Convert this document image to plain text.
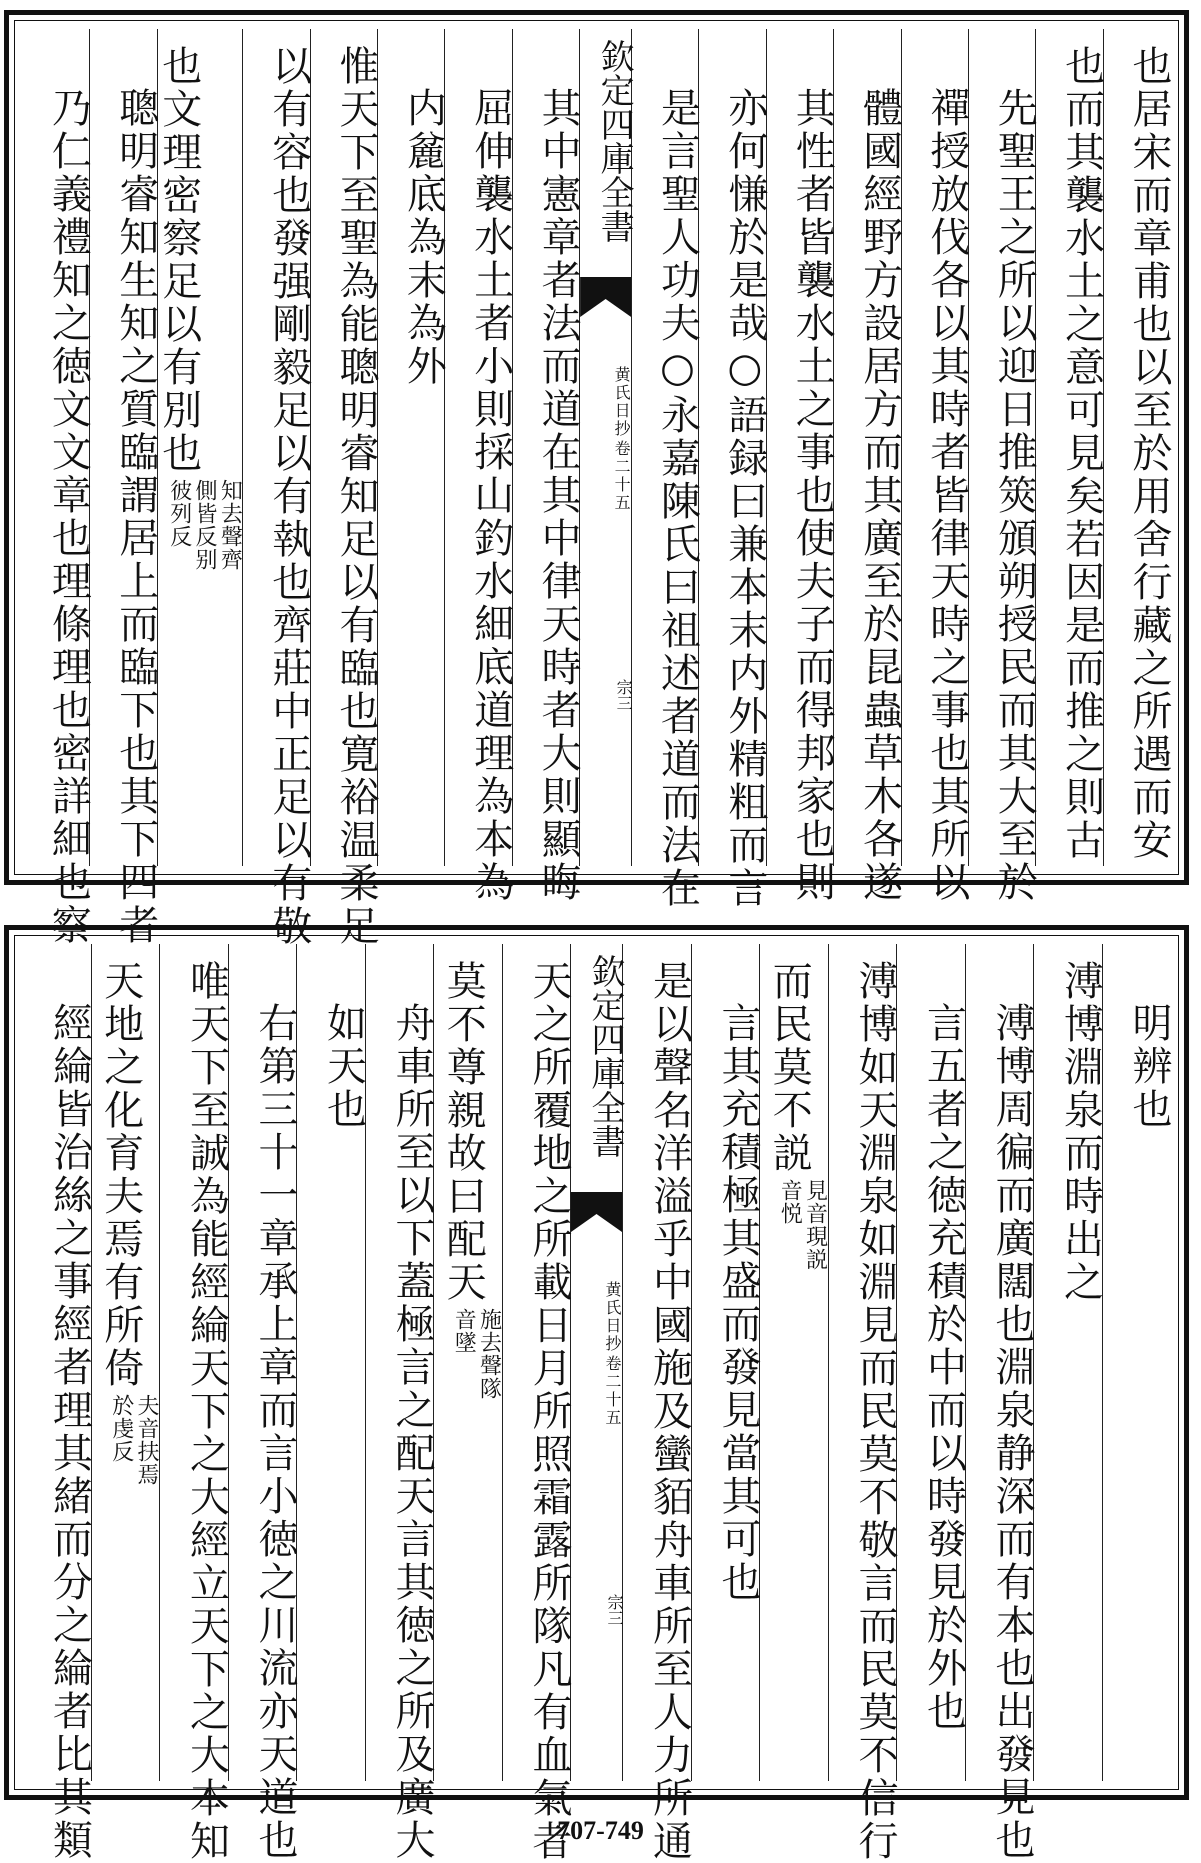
也居宋而章甫也以至於用舍行藏之所遇而安
也而其襲水土之意可見矣若因是而推之則古
先聖王之所以迎日推筴頒朔授民而其大至於
禪授放伐各以其時者皆律天時之事也其所以
體國經野方設居方而其廣至於昆蟲草木各遂
其性者皆襲水土之事也使夫子而得邦家也則
亦何慊於是哉○語録曰兼本末内外精粗而言
是言聖人功夫○永嘉陳氏曰祖述者道而法在
欽定四庫全書
黄氏日抄
卷二十五
宗三
其中憲章者法而道在其中律天時者大則顯晦
屈伸襲水土者小則採山釣水細底道理為本為
内麄底為末為外
惟天下至聖為能聰明睿知足以有臨也寛裕温柔足
以有容也發强剛毅足以有執也齊莊中正足以有敬
也文理密察足以有別也知去聲齊側皆反别彼列反
聰明睿知生知之質臨謂居上而臨下也其下四者
乃仁義禮知之徳文文章也理條理也密詳細也察
明辨也
溥博淵泉而時出之
溥博周徧而廣闊也淵泉静深而有本也出發見也
言五者之徳充積於中而以時發見於外也
溥博如天淵泉如淵見而民莫不敬言而民莫不信行
而民莫不説見音現説音悦
言其充積極其盛而發見當其可也
是以聲名洋溢乎中國施及蠻貊舟車所至人力所通
欽定四庫全書
黄氏日抄
卷二十五
宗三
天之所覆地之所載日月所照霜露所隊凡有血氣者
莫不尊親故曰配天施去聲隊音墜
舟車所至以下蓋極言之配天言其徳之所及廣大
如天也
右第三十一章承上章而言小徳之川流亦天道也
唯天下至誠為能經綸天下之大經立天下之大本知
天地之化育夫焉有所倚夫音扶焉於虔反
經綸皆治絲之事經者理其緒而分之綸者比其類	707-749
